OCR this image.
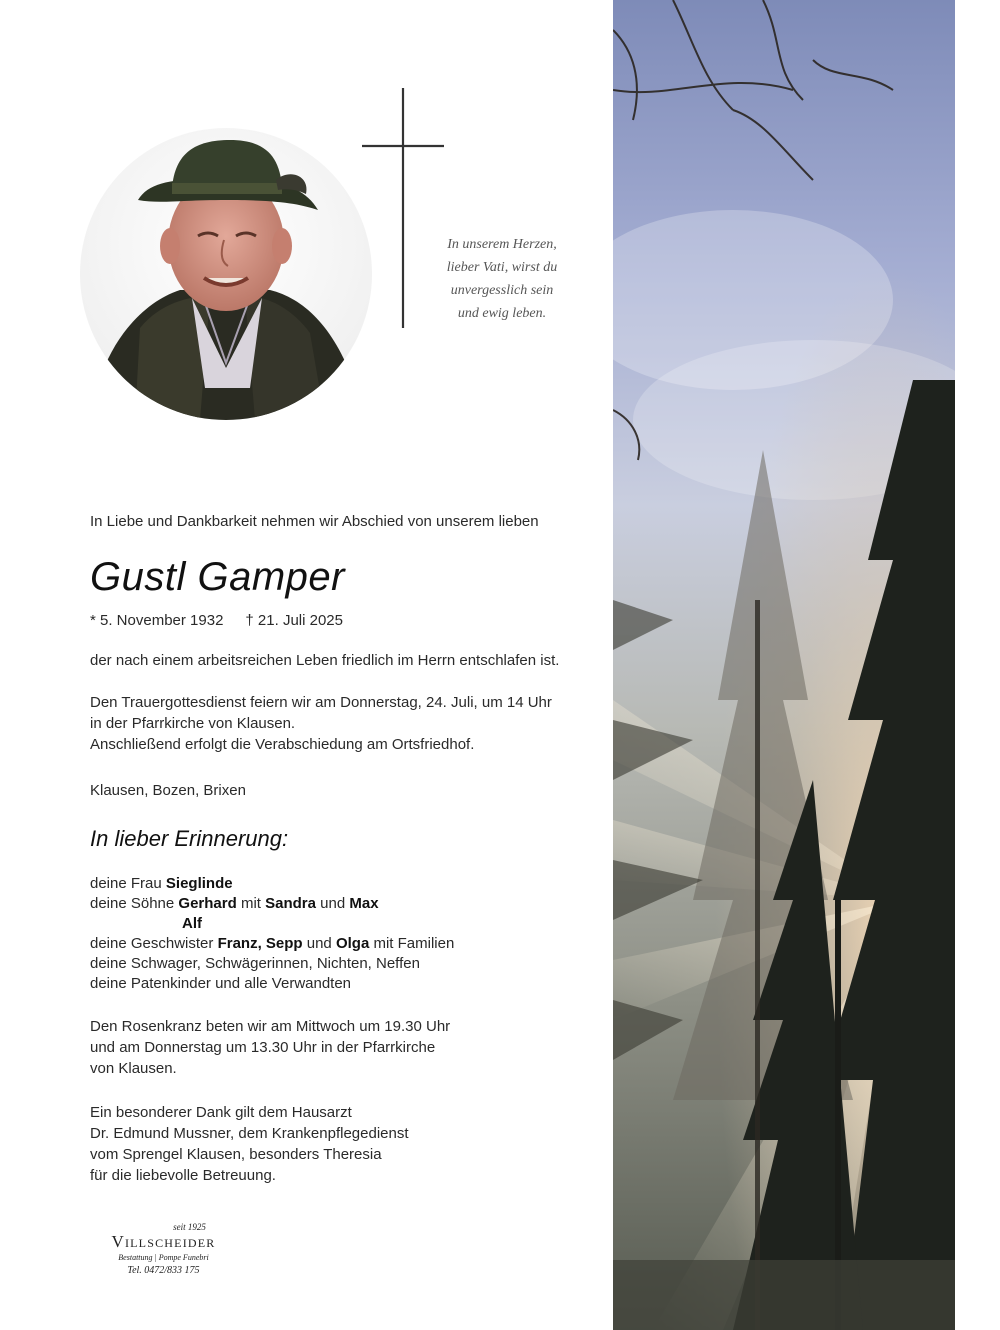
In unserem Herzen,
lieber Vati, wirst du
unvergesslich sein
und ewig leben.
In Liebe und Dankbarkeit nehmen wir Abschied von unserem lieben
Gustl Gamper
* 5. November 1932 † 21. Juli 2025
der nach einem arbeitsreichen Leben friedlich im Herrn entschlafen ist.
Den Trauergottesdienst feiern wir am Donnerstag, 24. Juli, um 14 Uhr
in der Pfarrkirche von Klausen.
Anschließend erfolgt die Verabschiedung am Ortsfriedhof.
Klausen, Bozen, Brixen
In lieber Erinnerung:
deine Frau Sieglinde
deine Söhne Gerhard mit Sandra und Max
Alf
deine Geschwister Franz, Sepp und Olga mit Familien
deine Schwager, Schwägerinnen, Nichten, Neffen
deine Patenkinder und alle Verwandten
Den Rosenkranz beten wir am Mittwoch um 19.30 Uhr
und am Donnerstag um 13.30 Uhr in der Pfarrkirche
von Klausen.
Ein besonderer Dank gilt dem Hausarzt
Dr. Edmund Mussner, dem Krankenpflegedienst
vom Sprengel Klausen, besonders Theresia
für die liebevolle Betreuung.
seit 1925
Villscheider
Bestattung | Pompe Funebri
Tel. 0472/833 175
